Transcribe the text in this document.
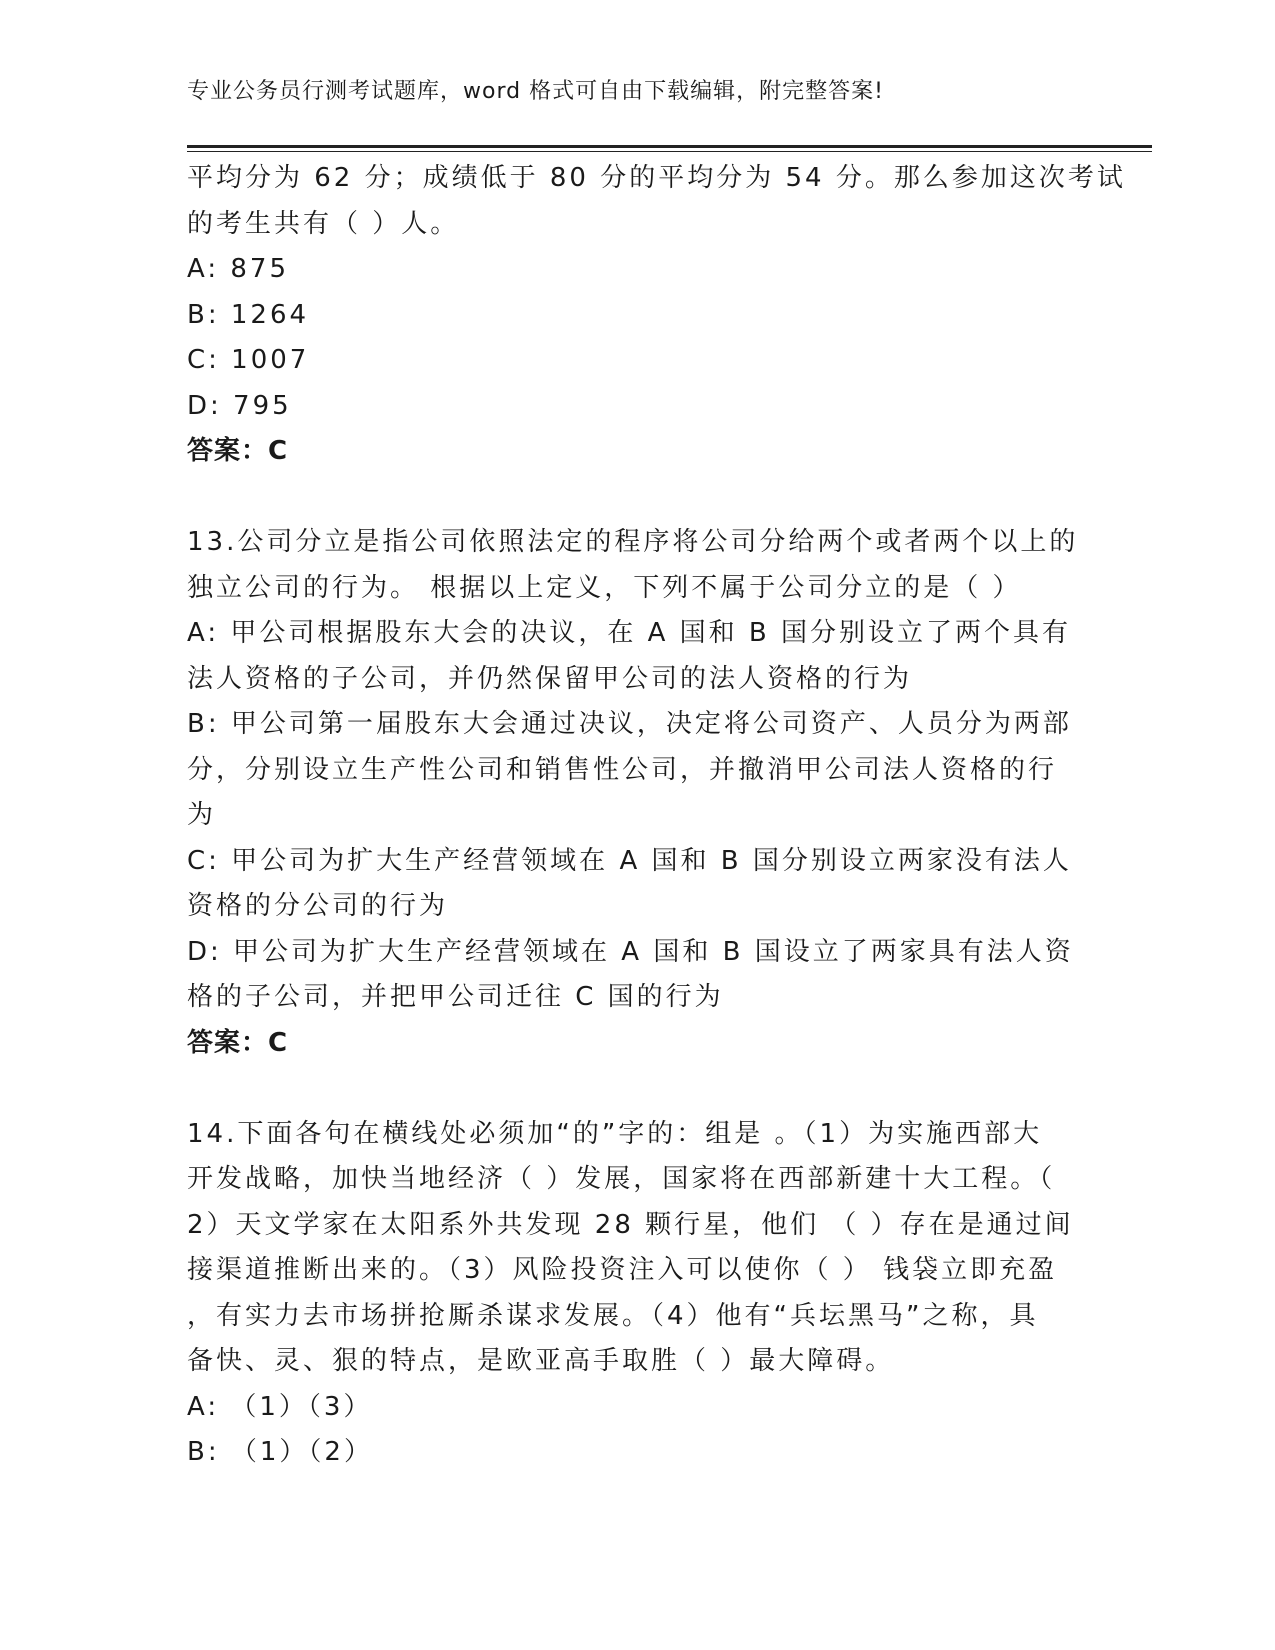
专业公务员行测考试题库，word 格式可自由下载编辑，附完整答案!
平均分为 62 分；成绩低于 80 分的平均分为 54 分。那么参加这次考试
的考生共有（ ）人。
A: 875
B: 1264
C: 1007
D: 795
答案：C
13.公司分立是指公司依照法定的程序将公司分给两个或者两个以上的
独立公司的行为。 根据以上定义，下列不属于公司分立的是（ ）
A: 甲公司根据股东大会的决议，在 A 国和 B 国分别设立了两个具有
法人资格的子公司，并仍然保留甲公司的法人资格的行为
B: 甲公司第一届股东大会通过决议，决定将公司资产、人员分为两部
分，分别设立生产性公司和销售性公司，并撤消甲公司法人资格的行
为
C: 甲公司为扩大生产经营领域在 A 国和 B 国分别设立两家没有法人
资格的分公司的行为
D: 甲公司为扩大生产经营领域在 A 国和 B 国设立了两家具有法人资
格的子公司，并把甲公司迁往 C 国的行为
答案：C
14.下面各句在横线处必须加“的”字的：组是 。（1）为实施西部大
开发战略，加快当地经济（ ）发展，国家将在西部新建十大工程。（
2）天文学家在太阳系外共发现 28 颗行星，他们 （ ）存在是通过间
接渠道推断出来的。（3）风险投资注入可以使你（ ） 钱袋立即充盈
，有实力去市场拼抢厮杀谋求发展。（4）他有“兵坛黑马”之称，具
备快、灵、狠的特点，是欧亚高手取胜（ ）最大障碍。
A: （1）（3）
B: （1）（2）
